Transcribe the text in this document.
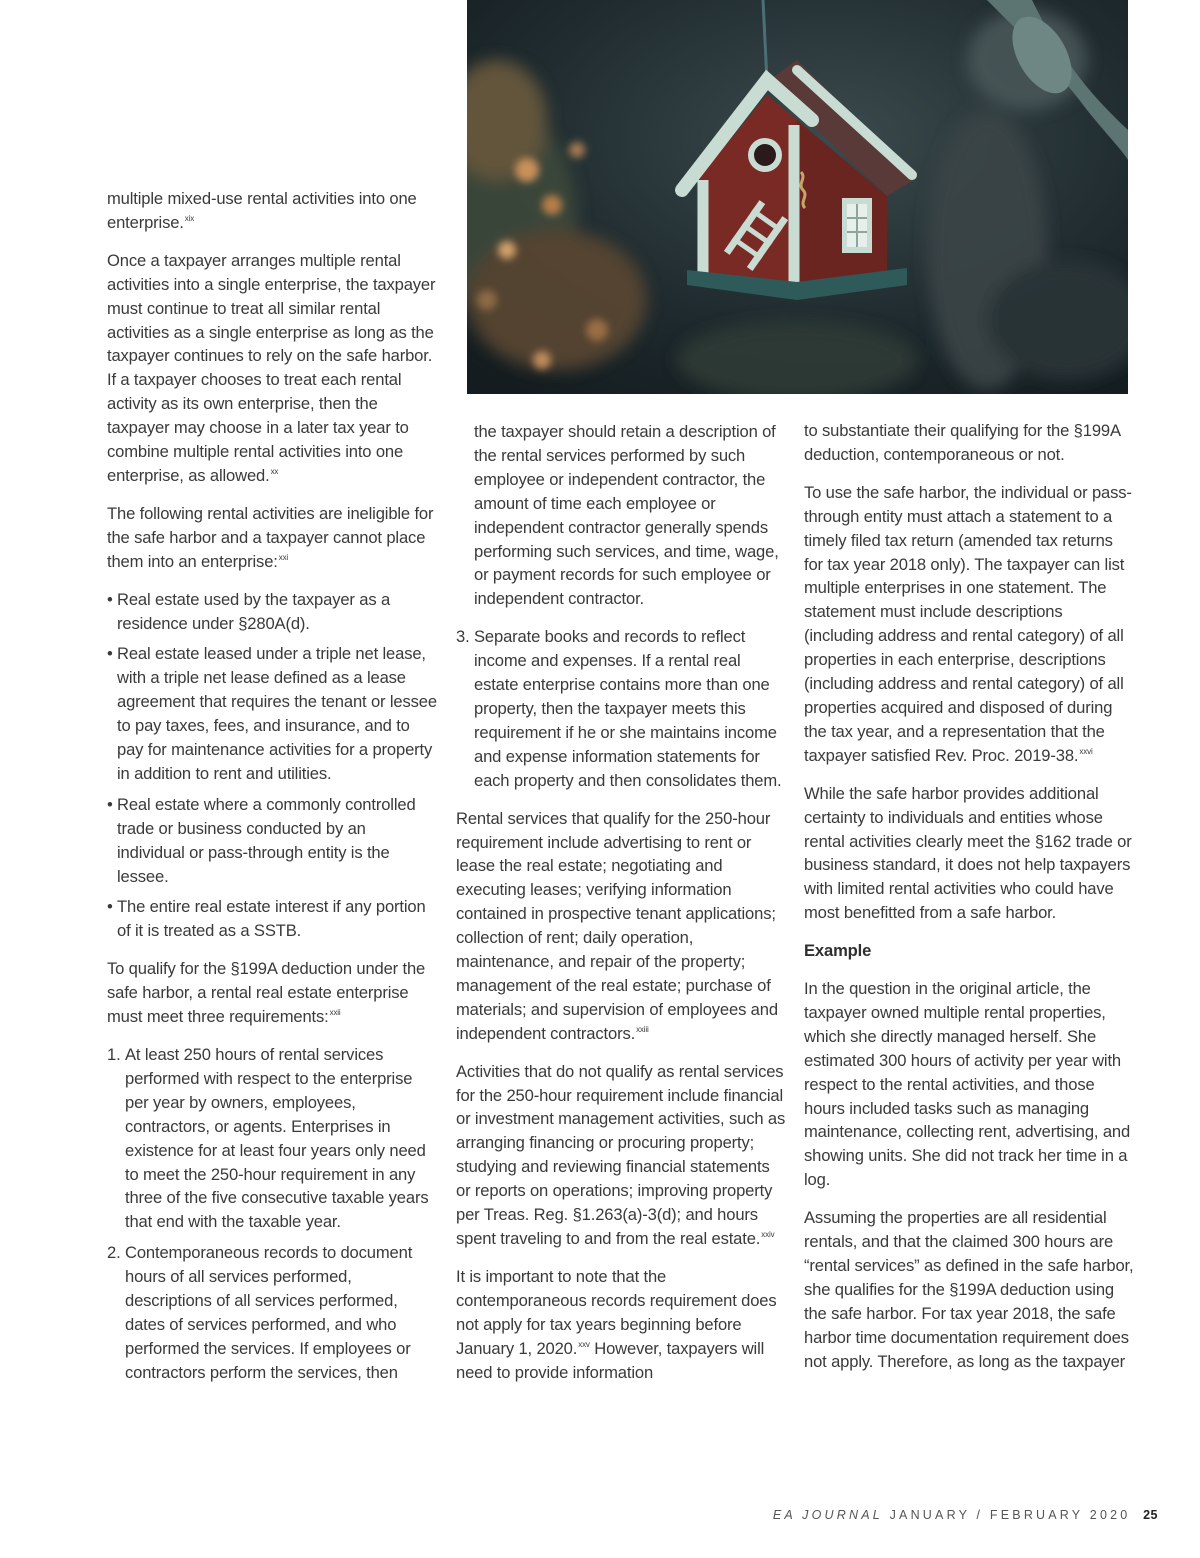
multiple mixed-use rental activities into one enterprise.$^{xix}$

Once a taxpayer arranges multiple rental activities into a single enterprise, the taxpayer must continue to treat all similar rental activities as a single enterprise as long as the taxpayer continues to rely on the safe harbor. If a taxpayer chooses to treat each rental activity as its own enterprise, then the taxpayer may choose in a later tax year to combine multiple rental activities into one enterprise, as allowed.$^{xx}$

The following rental activities are ineligible for the safe harbor and a taxpayer cannot place them into an enterprise:$^{xxi}$

• Real estate used by the taxpayer as a residence under §280A(d).
• Real estate leased under a triple net lease, with a triple net lease defined as a lease agreement that requires the tenant or lessee to pay taxes, fees, and insurance, and to pay for maintenance activities for a property in addition to rent and utilities.
• Real estate where a commonly controlled trade or business conducted by an individual or pass-through entity is the lessee.
• The entire real estate interest if any portion of it is treated as a SSTB.

To qualify for the §199A deduction under the safe harbor, a rental real estate enterprise must meet three requirements:$^{xxii}$

1. At least 250 hours of rental services performed with respect to the enterprise per year by owners, employees, contractors, or agents. Enterprises in existence for at least four years only need to meet the 250-hour requirement in any three of the five consecutive taxable years that end with the taxable year.
2. Contemporaneous records to document hours of all services performed, descriptions of all services performed, dates of services performed, and who performed the services. If employees or contractors perform the services, then

the taxpayer should retain a description of the rental services performed by such employee or independent contractor, the amount of time each employee or independent contractor generally spends performing such services, and time, wage, or payment records for such employee or independent contractor.

3. Separate books and records to reflect income and expenses. If a rental real estate enterprise contains more than one property, then the taxpayer meets this requirement if he or she maintains income and expense information statements for each property and then consolidates them.

Rental services that qualify for the 250-hour requirement include advertising to rent or lease the real estate; negotiating and executing leases; verifying information contained in prospective tenant applications; collection of rent; daily operation, maintenance, and repair of the property; management of the real estate; purchase of materials; and supervision of employees and independent contractors.$^{xxiii}$

Activities that do not qualify as rental services for the 250-hour requirement include financial or investment management activities, such as arranging financing or procuring property; studying and reviewing financial statements or reports on operations; improving property per Treas. Reg. §1.263(a)-3(d); and hours spent traveling to and from the real estate.$^{xxiv}$

It is important to note that the contemporaneous records requirement does not apply for tax years beginning before January 1, 2020.$^{xxv}$ However, taxpayers will need to provide information

to substantiate their qualifying for the §199A deduction, contemporaneous or not.

To use the safe harbor, the individual or pass-through entity must attach a statement to a timely filed tax return (amended tax returns for tax year 2018 only). The taxpayer can list multiple enterprises in one statement. The statement must include descriptions (including address and rental category) of all properties in each enterprise, descriptions (including address and rental category) of all properties acquired and disposed of during the tax year, and a representation that the taxpayer satisfied Rev. Proc. 2019-38.$^{xxvi}$

While the safe harbor provides additional certainty to individuals and entities whose rental activities clearly meet the §162 trade or business standard, it does not help taxpayers with limited rental activities who could have most benefitted from a safe harbor.

Example

In the question in the original article, the taxpayer owned multiple rental properties, which she directly managed herself. She estimated 300 hours of activity per year with respect to the rental activities, and those hours included tasks such as managing maintenance, collecting rent, advertising, and showing units. She did not track her time in a log.

Assuming the properties are all residential rentals, and that the claimed 300 hours are “rental services” as defined in the safe harbor, she qualifies for the §199A deduction using the safe harbor. For tax year 2018, the safe harbor time documentation requirement does not apply. Therefore, as long as the taxpayer

EA JOURNAL JANUARY / FEBRUARY 2020 25
